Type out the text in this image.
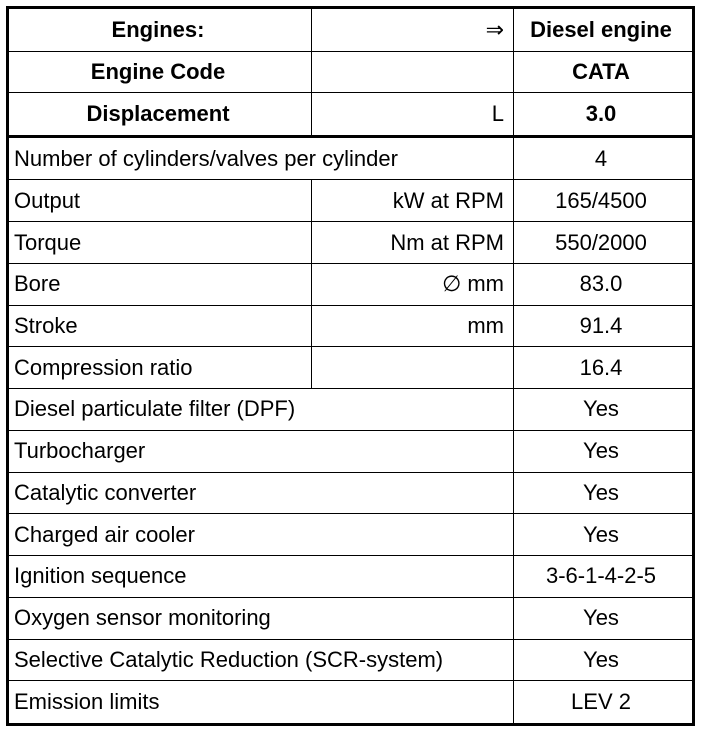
Engines:	⇒	Diesel engine
Engine Code		CATA
Displacement	L	3.0
Number of cylinders/valves per cylinder		4
Output	kW at RPM	165/4500
Torque	Nm at RPM	550/2000
Bore	∅ mm	83.0
Stroke	mm	91.4
Compression ratio		16.4
Diesel particulate filter (DPF)		Yes
Turbocharger		Yes
Catalytic converter		Yes
Charged air cooler		Yes
Ignition sequence		3-6-1-4-2-5
Oxygen sensor monitoring		Yes
Selective Catalytic Reduction (SCR-system)		Yes
Emission limits		LEV 2
